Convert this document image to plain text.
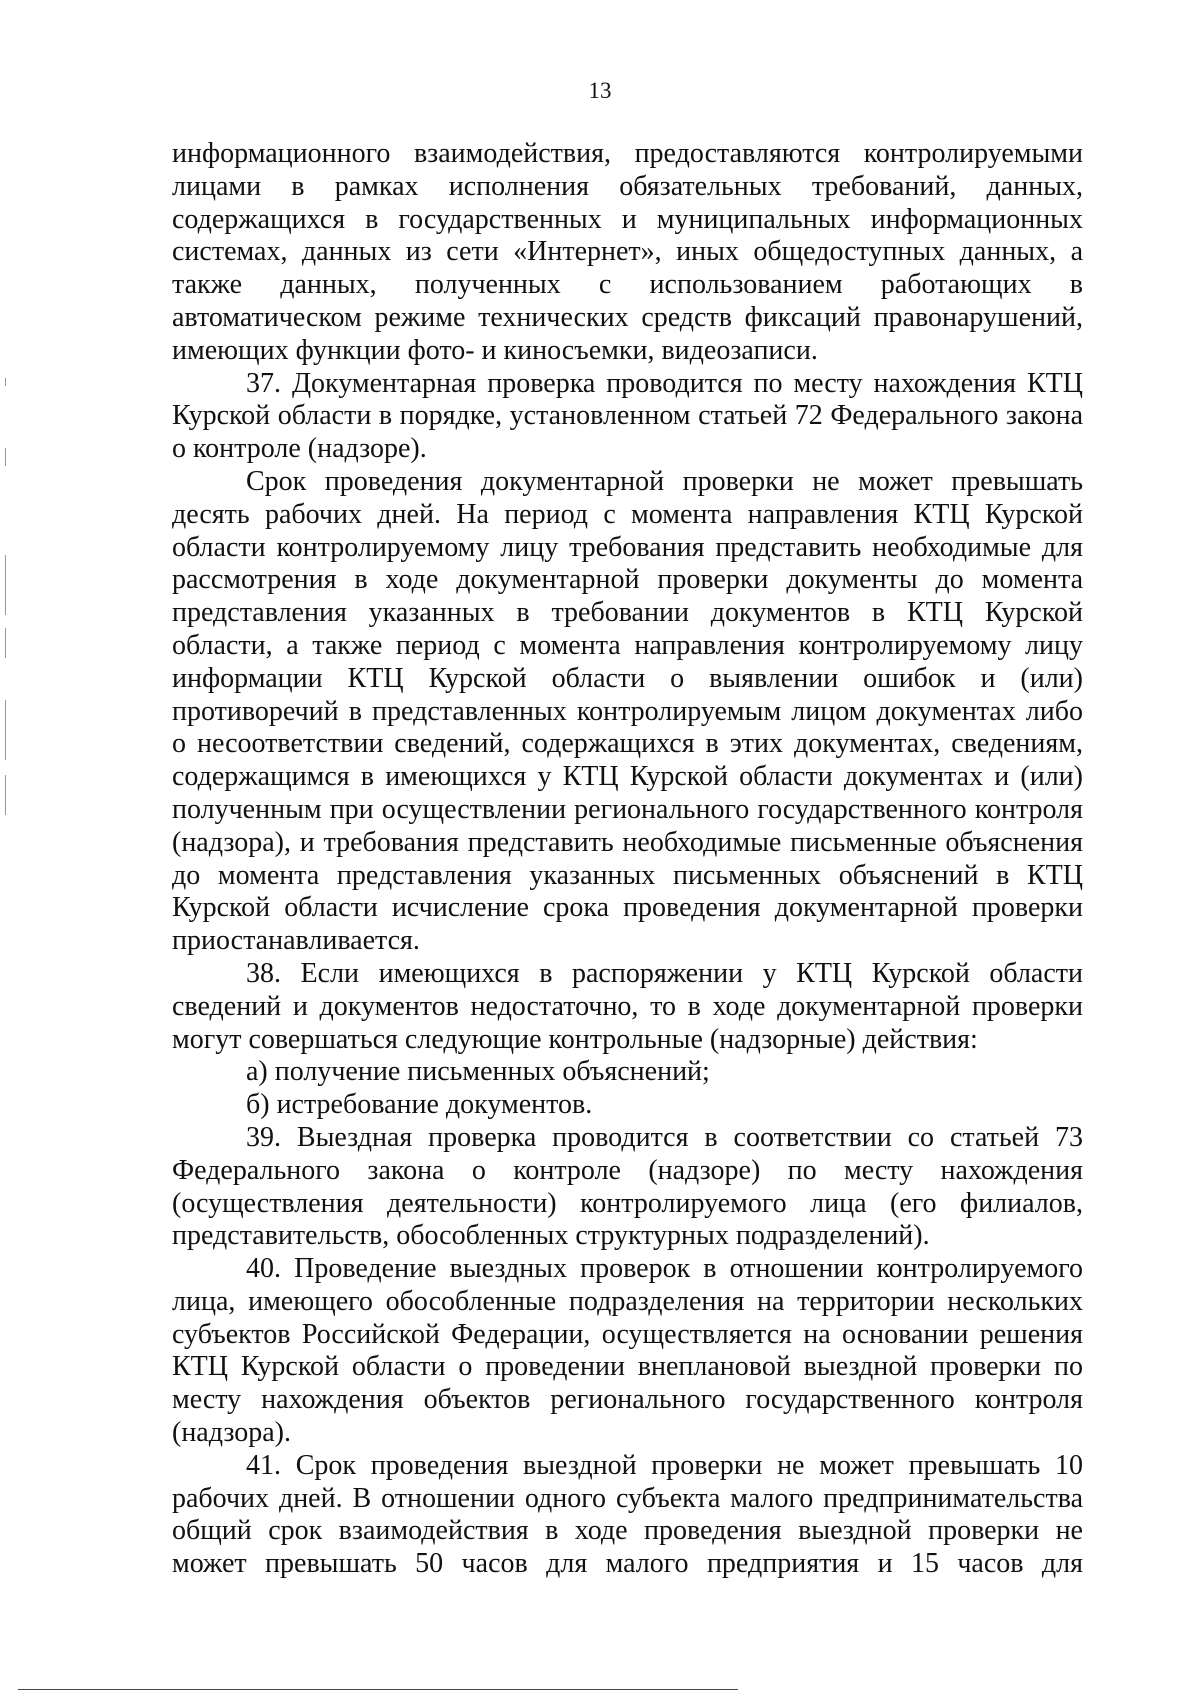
13

информационного взаимодействия, предоставляются контролируемыми лицами в рамках исполнения обязательных требований, данных, содержащихся в государственных и муниципальных информационных системах, данных из сети «Интернет», иных общедоступных данных, а также данных, полученных с использованием работающих в автоматическом режиме технических средств фиксаций правонарушений, имеющих функции фото- и киносъемки, видеозаписи.

37. Документарная проверка проводится по месту нахождения КТЦ Курской области в порядке, установленном статьей 72 Федерального закона о контроле (надзоре).

Срок проведения документарной проверки не может превышать десять рабочих дней. На период с момента направления КТЦ Курской области контролируемому лицу требования представить необходимые для рассмотрения в ходе документарной проверки документы до момента представления указанных в требовании документов в КТЦ Курской области, а также период с момента направления контролируемому лицу информации КТЦ Курской области о выявлении ошибок и (или) противоречий в представленных контролируемым лицом документах либо о несоответствии сведений, содержащихся в этих документах, сведениям, содержащимся в имеющихся у КТЦ Курской области документах и (или) полученным при осуществлении регионального государственного контроля (надзора), и требования представить необходимые письменные объяснения до момента представления указанных письменных объяснений в КТЦ Курской области исчисление срока проведения документарной проверки приостанавливается.

38. Если имеющихся в распоряжении у КТЦ Курской области сведений и документов недостаточно, то в ходе документарной проверки могут совершаться следующие контрольные (надзорные) действия:

а) получение письменных объяснений;

б) истребование документов.

39. Выездная проверка проводится в соответствии со статьей 73 Федерального закона о контроле (надзоре) по месту нахождения (осуществления деятельности) контролируемого лица (его филиалов, представительств, обособленных структурных подразделений).

40. Проведение выездных проверок в отношении контролируемого лица, имеющего обособленные подразделения на территории нескольких субъектов Российской Федерации, осуществляется на основании решения КТЦ Курской области о проведении внеплановой выездной проверки по месту нахождения объектов регионального государственного контроля (надзора).

41. Срок проведения выездной проверки не может превышать 10 рабочих дней. В отношении одного субъекта малого предпринимательства общий срок взаимодействия в ходе проведения выездной проверки не может превышать 50 часов для малого предприятия и 15 часов для
